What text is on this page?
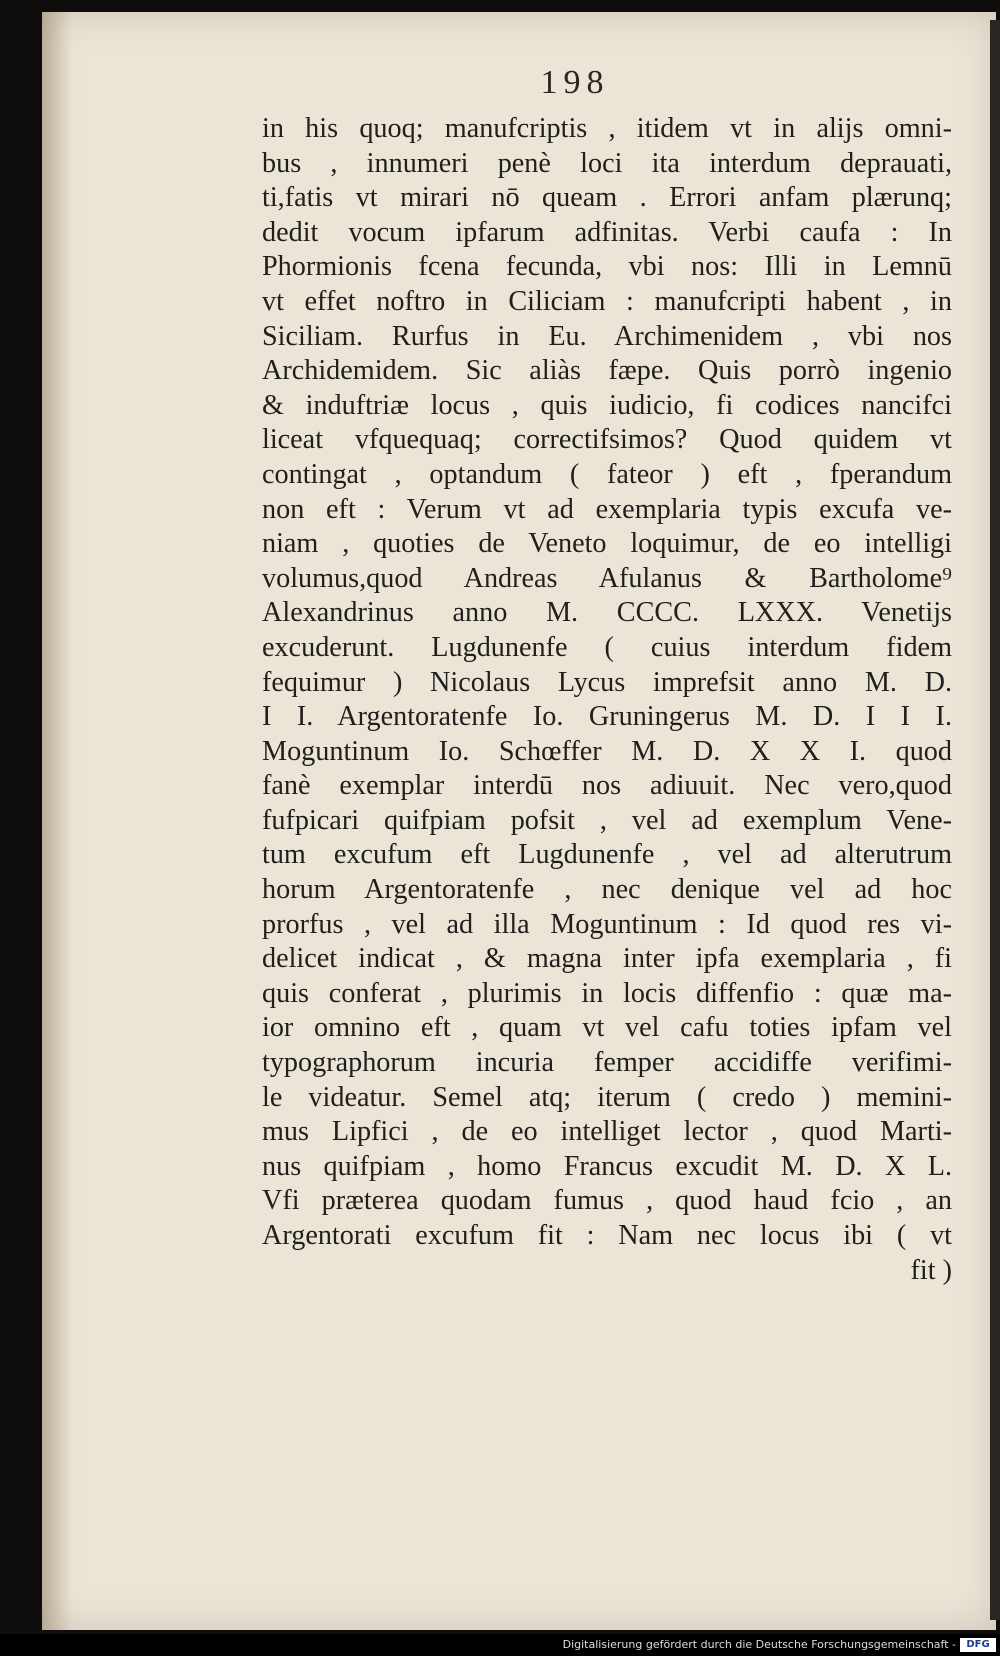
198
in his quoq; manufcriptis , itidem vt in alijs omni-
bus , innumeri penè loci ita interdum deprauati,
ti,fatis vt mirari nō queam . Errori anfam plærunq;
dedit vocum ipfarum adfinitas. Verbi caufa : In
Phormionis fcena fecunda, vbi nos: Illi in Lemnū
vt effet noftro in Ciliciam : manufcripti habent , in
Siciliam. Rurfus in Eu. Archimenidem , vbi nos
Archidemidem. Sic aliàs fæpe. Quis porrò ingenio
& induftriæ locus , quis iudicio, fi codices nancifci
liceat vfquequaq; correctifsimos? Quod quidem vt
contingat , optandum ( fateor ) eft , fperandum
non eft : Verum vt ad exemplaria typis excufa ve-
niam , quoties de Veneto loquimur, de eo intelligi
volumus,quod Andreas Afulanus & Bartholome⁹
Alexandrinus anno M. CCCC. LXXX. Venetijs
excuderunt. Lugdunenfe ( cuius interdum fidem
fequimur ) Nicolaus Lycus imprefsit anno M. D.
I I. Argentoratenfe Io. Gruningerus M. D. I I I.
Moguntinum Io. Schœffer M. D. X X I. quod
fanè exemplar interdū nos adiuuit. Nec vero,quod
fufpicari quifpiam pofsit , vel ad exemplum Vene-
tum excufum eft Lugdunenfe , vel ad alterutrum
horum Argentoratenfe , nec denique vel ad hoc
prorfus , vel ad illa Moguntinum : Id quod res vi-
delicet indicat , & magna inter ipfa exemplaria , fi
quis conferat , plurimis in locis diffenfio : quæ ma-
ior omnino eft , quam vt vel cafu toties ipfam vel
typographorum incuria femper accidiffe verifimi-
le videatur. Semel atq; iterum ( credo ) memini-
mus Lipfici , de eo intelliget lector , quod Marti-
nus quifpiam , homo Francus excudit M. D. X L.
Vfi præterea quodam fumus , quod haud fcio , an
Argentorati excufum fit : Nam nec locus ibi ( vt
fit )
Digitalisierung gefördert durch die Deutsche Forschungsgemeinschaft -	DFG
